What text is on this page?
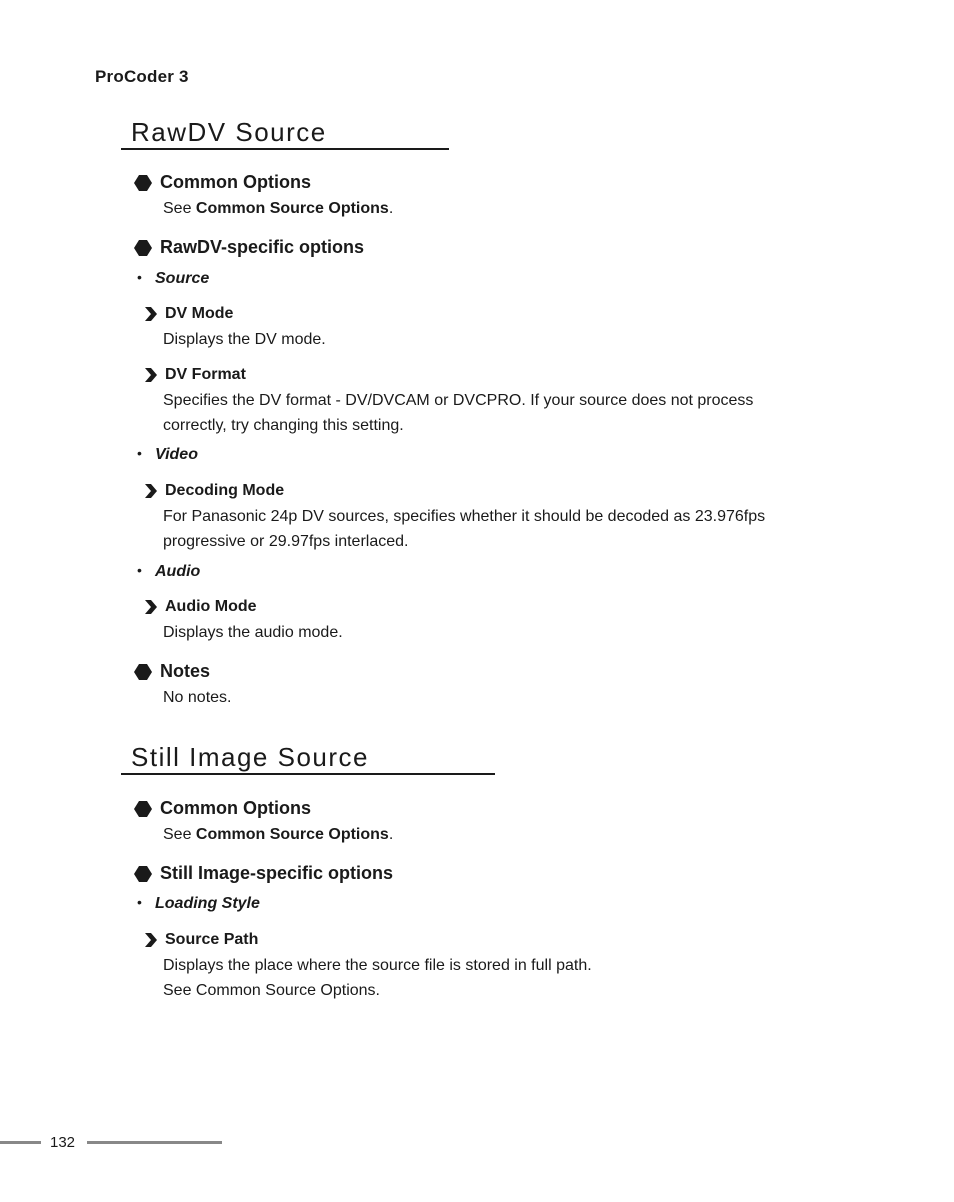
ProCoder 3
RawDV Source
Common Options
See Common Source Options.
RawDV-specific options
• Source
DV Mode
Displays the DV mode.
DV Format
Specifies the DV format - DV/DVCAM or DVCPRO. If your source does not process
correctly, try changing this setting.
• Video
Decoding Mode
For Panasonic 24p DV sources, specifies whether it should be decoded as 23.976fps
progressive or 29.97fps interlaced.
• Audio
Audio Mode
Displays the audio mode.
Notes
No notes.
Still Image Source
Common Options
See Common Source Options.
Still Image-specific options
• Loading Style
Source Path
Displays the place where the source file is stored in full path.
See Common Source Options.
132
